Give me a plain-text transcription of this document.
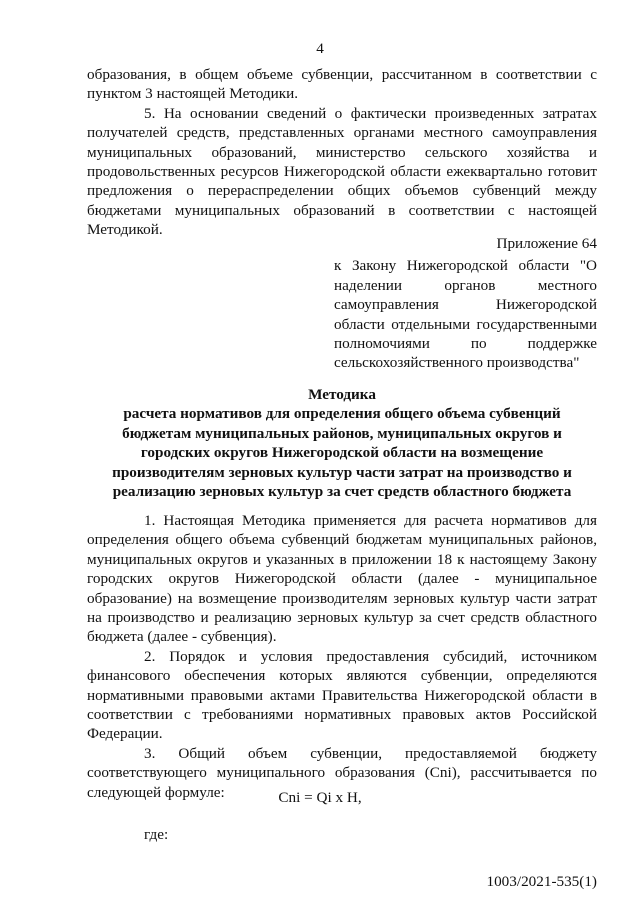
4

образования, в общем объеме субвенции, рассчитанном в соответствии с пунктом 3 настоящей Методики.

5. На основании сведений о фактически произведенных затратах получателей средств, представленных органами местного самоуправления муниципальных образований, министерство сельского хозяйства и продовольственных ресурсов Нижегородской области ежеквартально готовит предложения о перераспределении общих объемов субвенций между бюджетами муниципальных образований в соответствии с настоящей Методикой.

Приложение 64

к Закону Нижегородской области "О наделении органов местного самоуправления Нижегородской области отдельными государственными полномочиями по поддержке сельскохозяйственного производства"

Методика

расчета нормативов для определения общего объема субвенций бюджетам муниципальных районов, муниципальных округов и городских округов Нижегородской области на возмещение производителям зерновых культур части затрат на производство и реализацию зерновых культур за счет средств областного бюджета

1. Настоящая Методика применяется для расчета нормативов для определения общего объема субвенций бюджетам муниципальных районов, муниципальных округов и указанных в приложении 18 к настоящему Закону городских округов Нижегородской области (далее - муниципальное образование) на возмещение производителям зерновых культур части затрат на производство и реализацию зерновых культур за счет средств областного бюджета (далее - субвенция).

2. Порядок и условия предоставления субсидий, источником финансового обеспечения которых являются субвенции, определяются нормативными правовыми актами Правительства Нижегородской области в соответствии с требованиями нормативных правовых актов Российской Федерации.

3. Общий объем субвенции, предоставляемой бюджету соответствующего муниципального образования (Сni), рассчитывается по следующей формуле:	Cni = Qi x H,
где:
1003/2021-535(1)
